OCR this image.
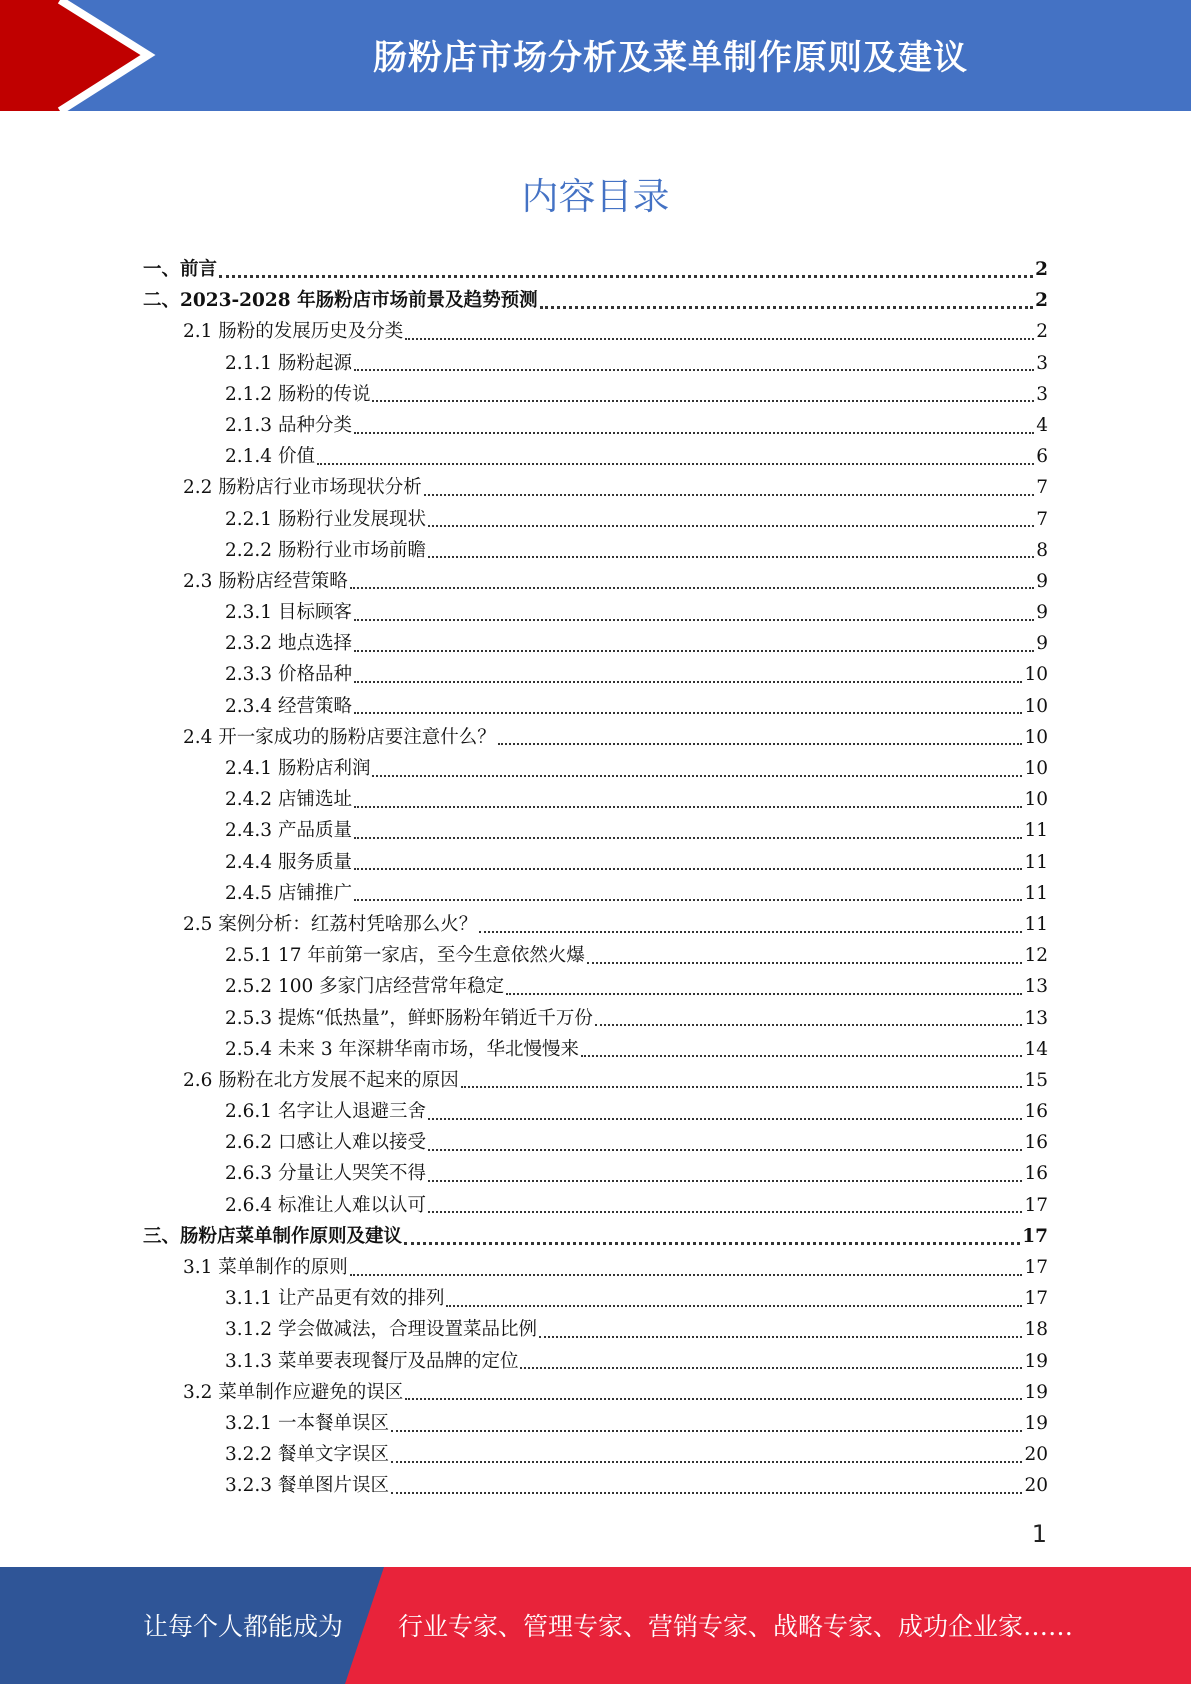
肠粉店市场分析及菜单制作原则及建议
内容目录
一、前言	2
二、2023-2028 年肠粉店市场前景及趋势预测	2
2.1 肠粉的发展历史及分类	2
2.1.1 肠粉起源	3
2.1.2 肠粉的传说	3
2.1.3 品种分类	4
2.1.4 价值	6
2.2 肠粉店行业市场现状分析	7
2.2.1 肠粉行业发展现状	7
2.2.2 肠粉行业市场前瞻	8
2.3 肠粉店经营策略	9
2.3.1 目标顾客	9
2.3.2 地点选择	9
2.3.3 价格品种	10
2.3.4 经营策略	10
2.4 开一家成功的肠粉店要注意什么？	10
2.4.1 肠粉店利润	10
2.4.2 店铺选址	10
2.4.3 产品质量	11
2.4.4 服务质量	11
2.4.5 店铺推广	11
2.5 案例分析：红荔村凭啥那么火？	11
2.5.1 17 年前第一家店，至今生意依然火爆	12
2.5.2 100 多家门店经营常年稳定	13
2.5.3 提炼“低热量”，鲜虾肠粉年销近千万份	13
2.5.4 未来 3 年深耕华南市场，华北慢慢来	14
2.6 肠粉在北方发展不起来的原因	15
2.6.1 名字让人退避三舍	16
2.6.2 口感让人难以接受	16
2.6.3 分量让人哭笑不得	16
2.6.4 标准让人难以认可	17
三、肠粉店菜单制作原则及建议	17
3.1 菜单制作的原则	17
3.1.1 让产品更有效的排列	17
3.1.2 学会做减法，合理设置菜品比例	18
3.1.3 菜单要表现餐厅及品牌的定位	19
3.2 菜单制作应避免的误区	19
3.2.1 一本餐单误区	19
3.2.2 餐单文字误区	20
3.2.3 餐单图片误区	20
1
让每个人都能成为 行业专家、管理专家、营销专家、战略专家、成功企业家……
